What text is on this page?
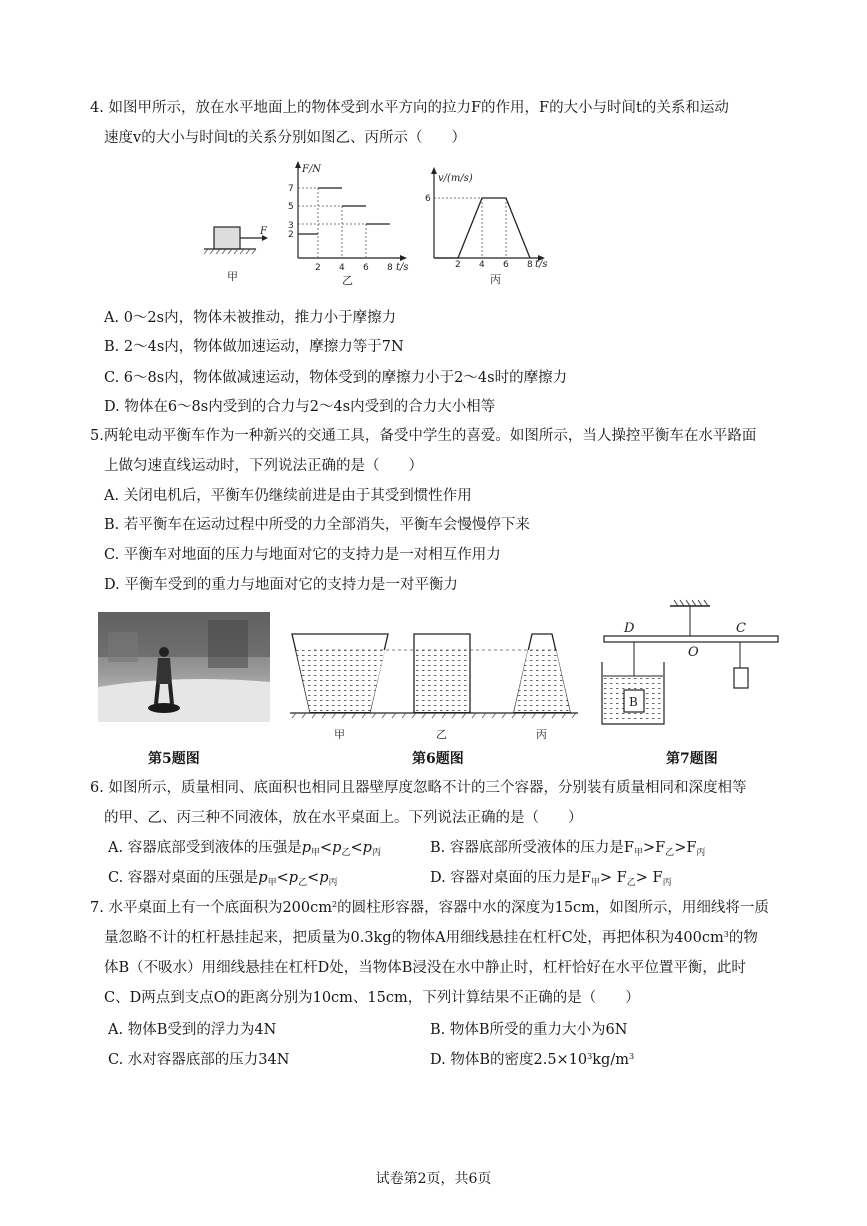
4. 如图甲所示，放在水平地面上的物体受到水平方向的拉力F的作用，F的大小与时间t的关系和运动
速度v的大小与时间t的关系分别如图乙、丙所示（　　）
F
甲
F/N
t/s
7
5
3
2
2 4 6 8
乙
v/(m/s)
t/s
6
2 4 6 8
丙
A. 0～2s内，物体未被推动，推力小于摩擦力
B. 2～4s内，物体做加速运动，摩擦力等于7N
C. 6～8s内，物体做减速运动，物体受到的摩擦力小于2～4s时的摩擦力
D. 物体在6～8s内受到的合力与2～4s内受到的合力大小相等
5.两轮电动平衡车作为一种新兴的交通工具，备受中学生的喜爱。如图所示，当人操控平衡车在水平路面
上做匀速直线运动时，下列说法正确的是（　　）
A. 关闭电机后，平衡车仍继续前进是由于其受到惯性作用
B. 若平衡车在运动过程中所受的力全部消失，平衡车会慢慢停下来
C. 平衡车对地面的压力与地面对它的支持力是一对相互作用力
D. 平衡车受到的重力与地面对它的支持力是一对平衡力
甲	乙	丙
D
O
C
B
第5题图	第6题图	第7题图
6. 如图所示，质量相同、底面积也相同且器壁厚度忽略不计的三个容器，分别装有质量相同和深度相等
的甲、乙、丙三种不同液体，放在水平桌面上。下列说法正确的是（　　）
A. 容器底部受到液体的压强是$p_甲<p_乙<p_丙$	B. 容器底部所受液体的压力是$F_甲>F_乙>F_丙$
C. 容器对桌面的压强是$p_甲<p_乙<p_丙$	D. 容器对桌面的压力是$F_甲> F_乙> F_丙$
7. 水平桌面上有一个底面积为$200cm^2$的圆柱形容器，容器中水的深度为15cm，如图所示，用细线将一质
量忽略不计的杠杆悬挂起来，把质量为0.3kg的物体A用细线悬挂在杠杆C处，再把体积为$400cm^3$的物
体B（不吸水）用细线悬挂在杠杆D处，当物体B浸没在水中静止时，杠杆恰好在水平位置平衡，此时
C、D两点到支点O的距离分别为10cm、15cm，下列计算结果不正确的是（　　）
A. 物体B受到的浮力为4N	B. 物体B所受的重力大小为6N
C. 水对容器底部的压力34N	D. 物体B的密度$2.5\times 10^3kg/m^3$
试卷第2页，共6页
